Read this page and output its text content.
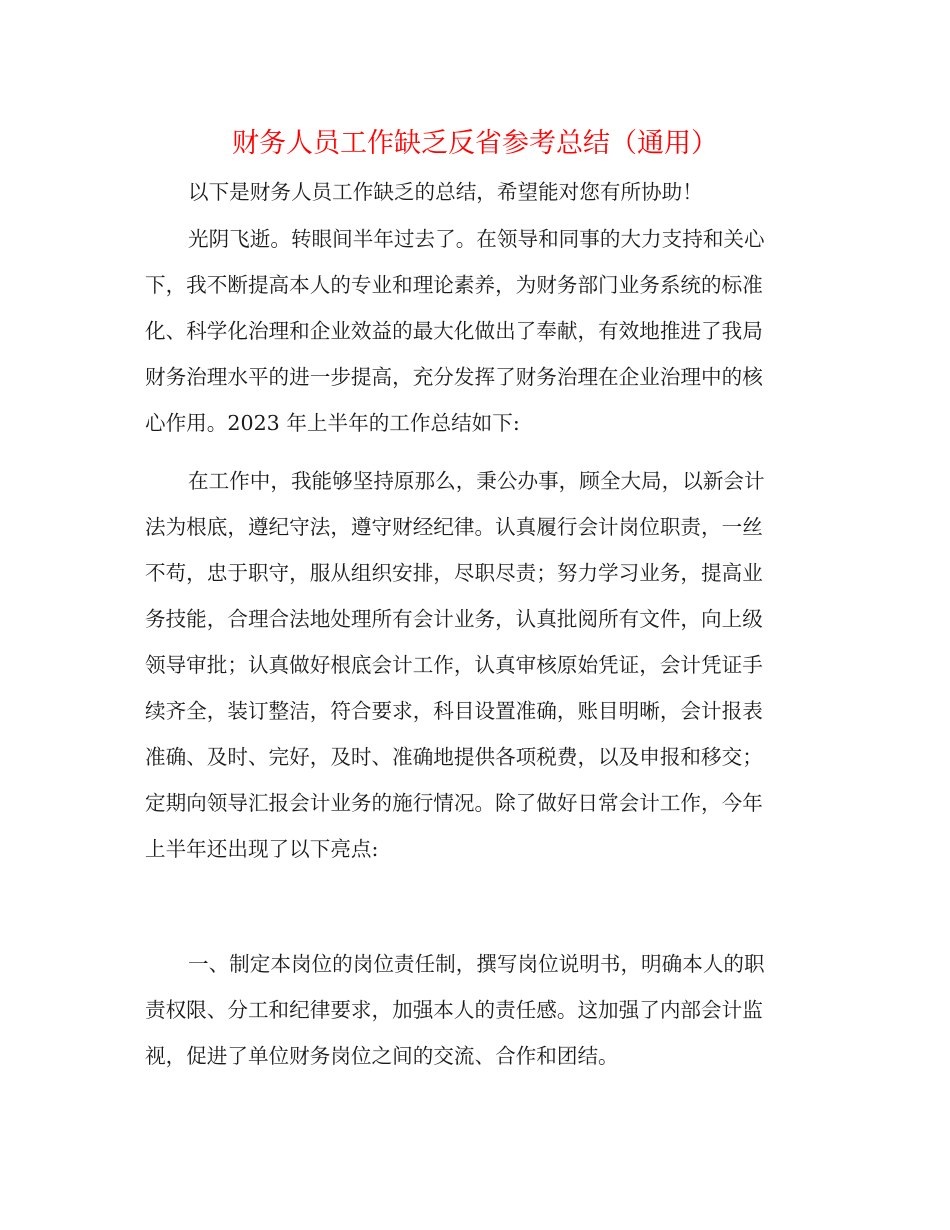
财务人员工作缺乏反省参考总结（通用）
以下是财务人员工作缺乏的总结，希望能对您有所协助！
光阴飞逝。转眼间半年过去了。在领导和同事的大力支持和关心
下，我不断提高本人的专业和理论素养，为财务部门业务系统的标准
化、科学化治理和企业效益的最大化做出了奉献，有效地推进了我局
财务治理水平的进一步提高，充分发挥了财务治理在企业治理中的核
心作用。2023 年上半年的工作总结如下:
在工作中，我能够坚持原那么，秉公办事，顾全大局，以新会计
法为根底，遵纪守法，遵守财经纪律。认真履行会计岗位职责，一丝
不苟，忠于职守，服从组织安排，尽职尽责；努力学习业务，提高业
务技能，合理合法地处理所有会计业务，认真批阅所有文件，向上级
领导审批；认真做好根底会计工作，认真审核原始凭证，会计凭证手
续齐全，装订整洁，符合要求，科目设置准确，账目明晰，会计报表
准确、及时、完好，及时、准确地提供各项税费，以及申报和移交；
定期向领导汇报会计业务的施行情况。除了做好日常会计工作，今年
上半年还出现了以下亮点:
一、制定本岗位的岗位责任制，撰写岗位说明书，明确本人的职
责权限、分工和纪律要求，加强本人的责任感。这加强了内部会计监
视，促进了单位财务岗位之间的交流、合作和团结。
